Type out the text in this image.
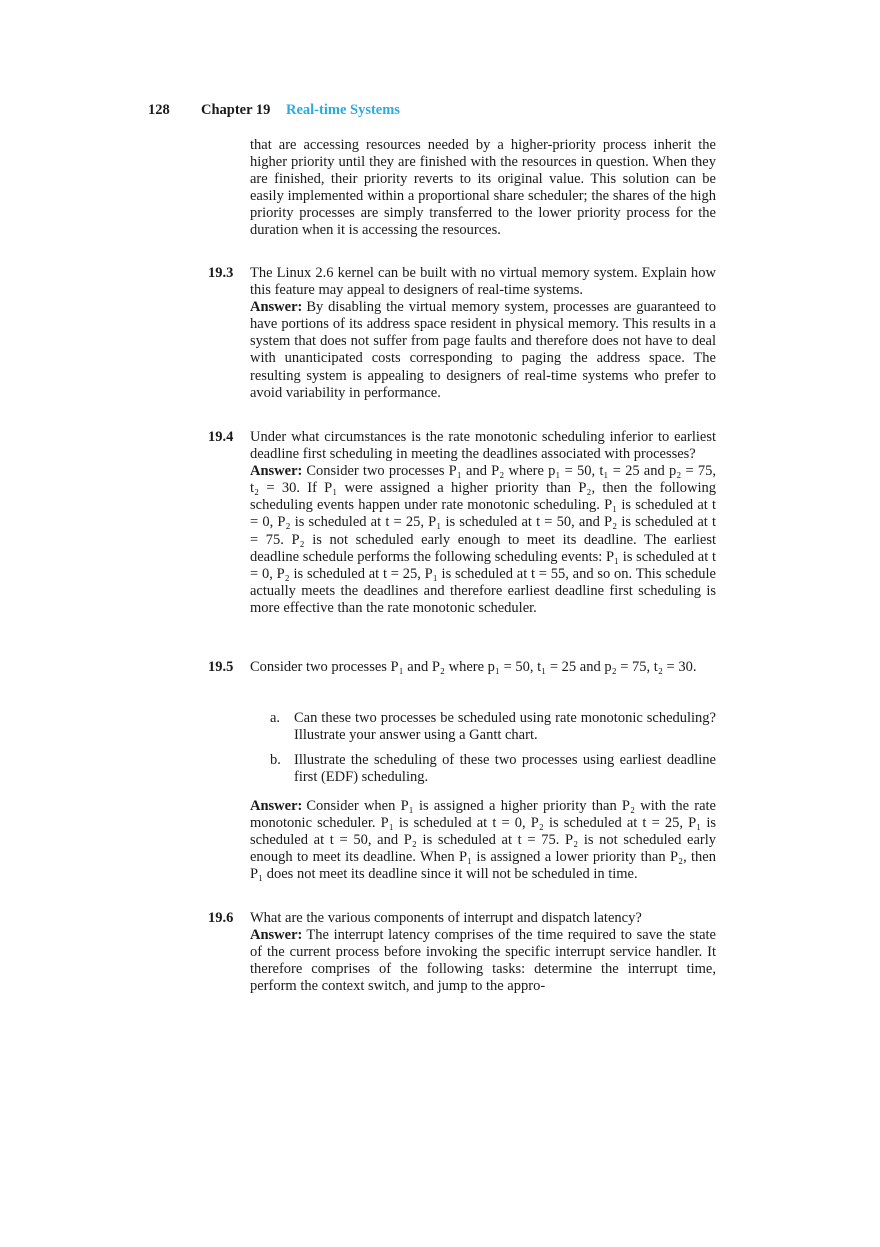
128 Chapter 19 Real-time Systems
that are accessing resources needed by a higher-priority process inherit the higher priority until they are finished with the resources in question. When they are finished, their priority reverts to its original value. This solution can be easily implemented within a proportional share scheduler; the shares of the high priority processes are simply transferred to the lower priority process for the duration when it is accessing the resources.
19.3	The Linux 2.6 kernel can be built with no virtual memory system. Explain how this feature may appeal to designers of real-time systems.
Answer: By disabling the virtual memory system, processes are guaranteed to have portions of its address space resident in physical memory. This results in a system that does not suffer from page faults and therefore does not have to deal with unanticipated costs corresponding to paging the address space. The resulting system is appealing to designers of real-time systems who prefer to avoid variability in performance.
19.4	Under what circumstances is the rate monotonic scheduling inferior to earliest deadline first scheduling in meeting the deadlines associated with processes?
Answer: Consider two processes P₁ and P₂ where p₁ = 50, t₁ = 25 and p₂ = 75, t₂ = 30. If P₁ were assigned a higher priority than P₂, then the following scheduling events happen under rate monotonic scheduling. P₁ is scheduled at t = 0, P₂ is scheduled at t = 25, P₁ is scheduled at t = 50, and P₂ is scheduled at t = 75. P₂ is not scheduled early enough to meet its deadline. The earliest deadline schedule performs the following scheduling events: P₁ is scheduled at t = 0, P₂ is scheduled at t = 25, P₁ is scheduled at t = 55, and so on. This schedule actually meets the deadlines and therefore earliest deadline first scheduling is more effective than the rate monotonic scheduler.
19.5	Consider two processes P₁ and P₂ where p₁ = 50, t₁ = 25 and p₂ = 75, t₂ = 30.
a. Can these two processes be scheduled using rate monotonic scheduling? Illustrate your answer using a Gantt chart.
b. Illustrate the scheduling of these two processes using earliest deadline first (EDF) scheduling.
Answer: Consider when P₁ is assigned a higher priority than P₂ with the rate monotonic scheduler. P₁ is scheduled at t = 0, P₂ is scheduled at t = 25, P₁ is scheduled at t = 50, and P₂ is scheduled at t = 75. P₂ is not scheduled early enough to meet its deadline. When P₁ is assigned a lower priority than P₂, then P₁ does not meet its deadline since it will not be scheduled in time.
19.6	What are the various components of interrupt and dispatch latency?
Answer: The interrupt latency comprises of the time required to save the state of the current process before invoking the specific interrupt service handler. It therefore comprises of the following tasks: determine the interrupt time, perform the context switch, and jump to the appro-
